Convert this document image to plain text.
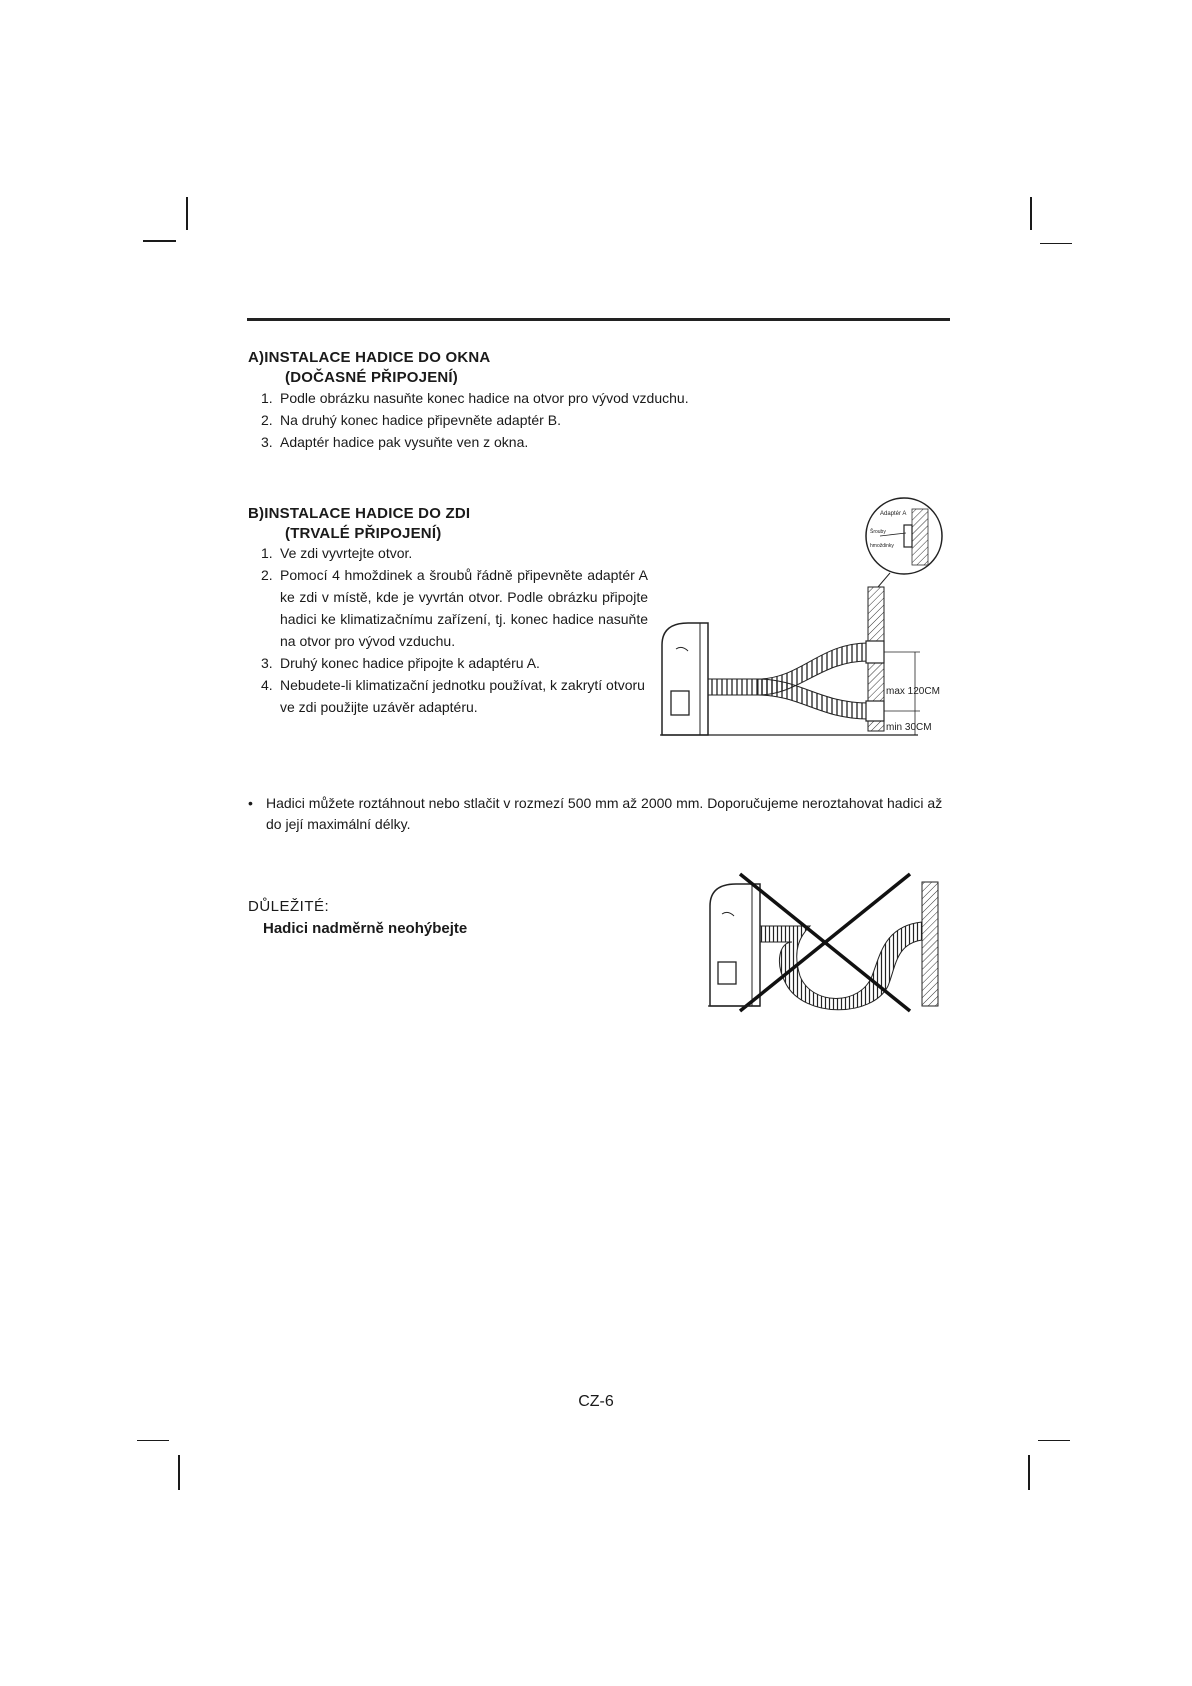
A)INSTALACE HADICE DO OKNA
(DOČASNÉ PŘIPOJENÍ)
1. Podle obrázku nasuňte konec hadice na otvor pro vývod vzduchu.
2. Na druhý konec hadice připevněte adaptér B.
3. Adaptér hadice pak vysuňte ven z okna.
B)INSTALACE HADICE DO ZDI
(TRVALÉ PŘIPOJENÍ)
1. Ve zdi vyvrtejte otvor.
2. Pomocí 4 hmoždinek a šroubů řádně připevněte adaptér A ke zdi v místě, kde je vyvrtán otvor. Podle obrázku připojte hadici ke klimatizačnímu zařízení, tj. konec hadice nasuňte na otvor pro vývod vzduchu.
3. Druhý konec hadice připojte k adaptéru A.
4. Nebudete-li klimatizační jednotku používat, k zakrytí otvoru ve zdi použijte uzávěr adaptéru.
Adaptér A
Šrouby
hmoždinky
max 120CM
min 30CM
• Hadici můžete roztáhnout nebo stlačit v rozmezí 500 mm až 2000 mm. Doporučujeme neroztahovat hadici až do její maximální délky.
DŮLEŽITÉ:
Hadici nadměrně neohýbejte
CZ-6
